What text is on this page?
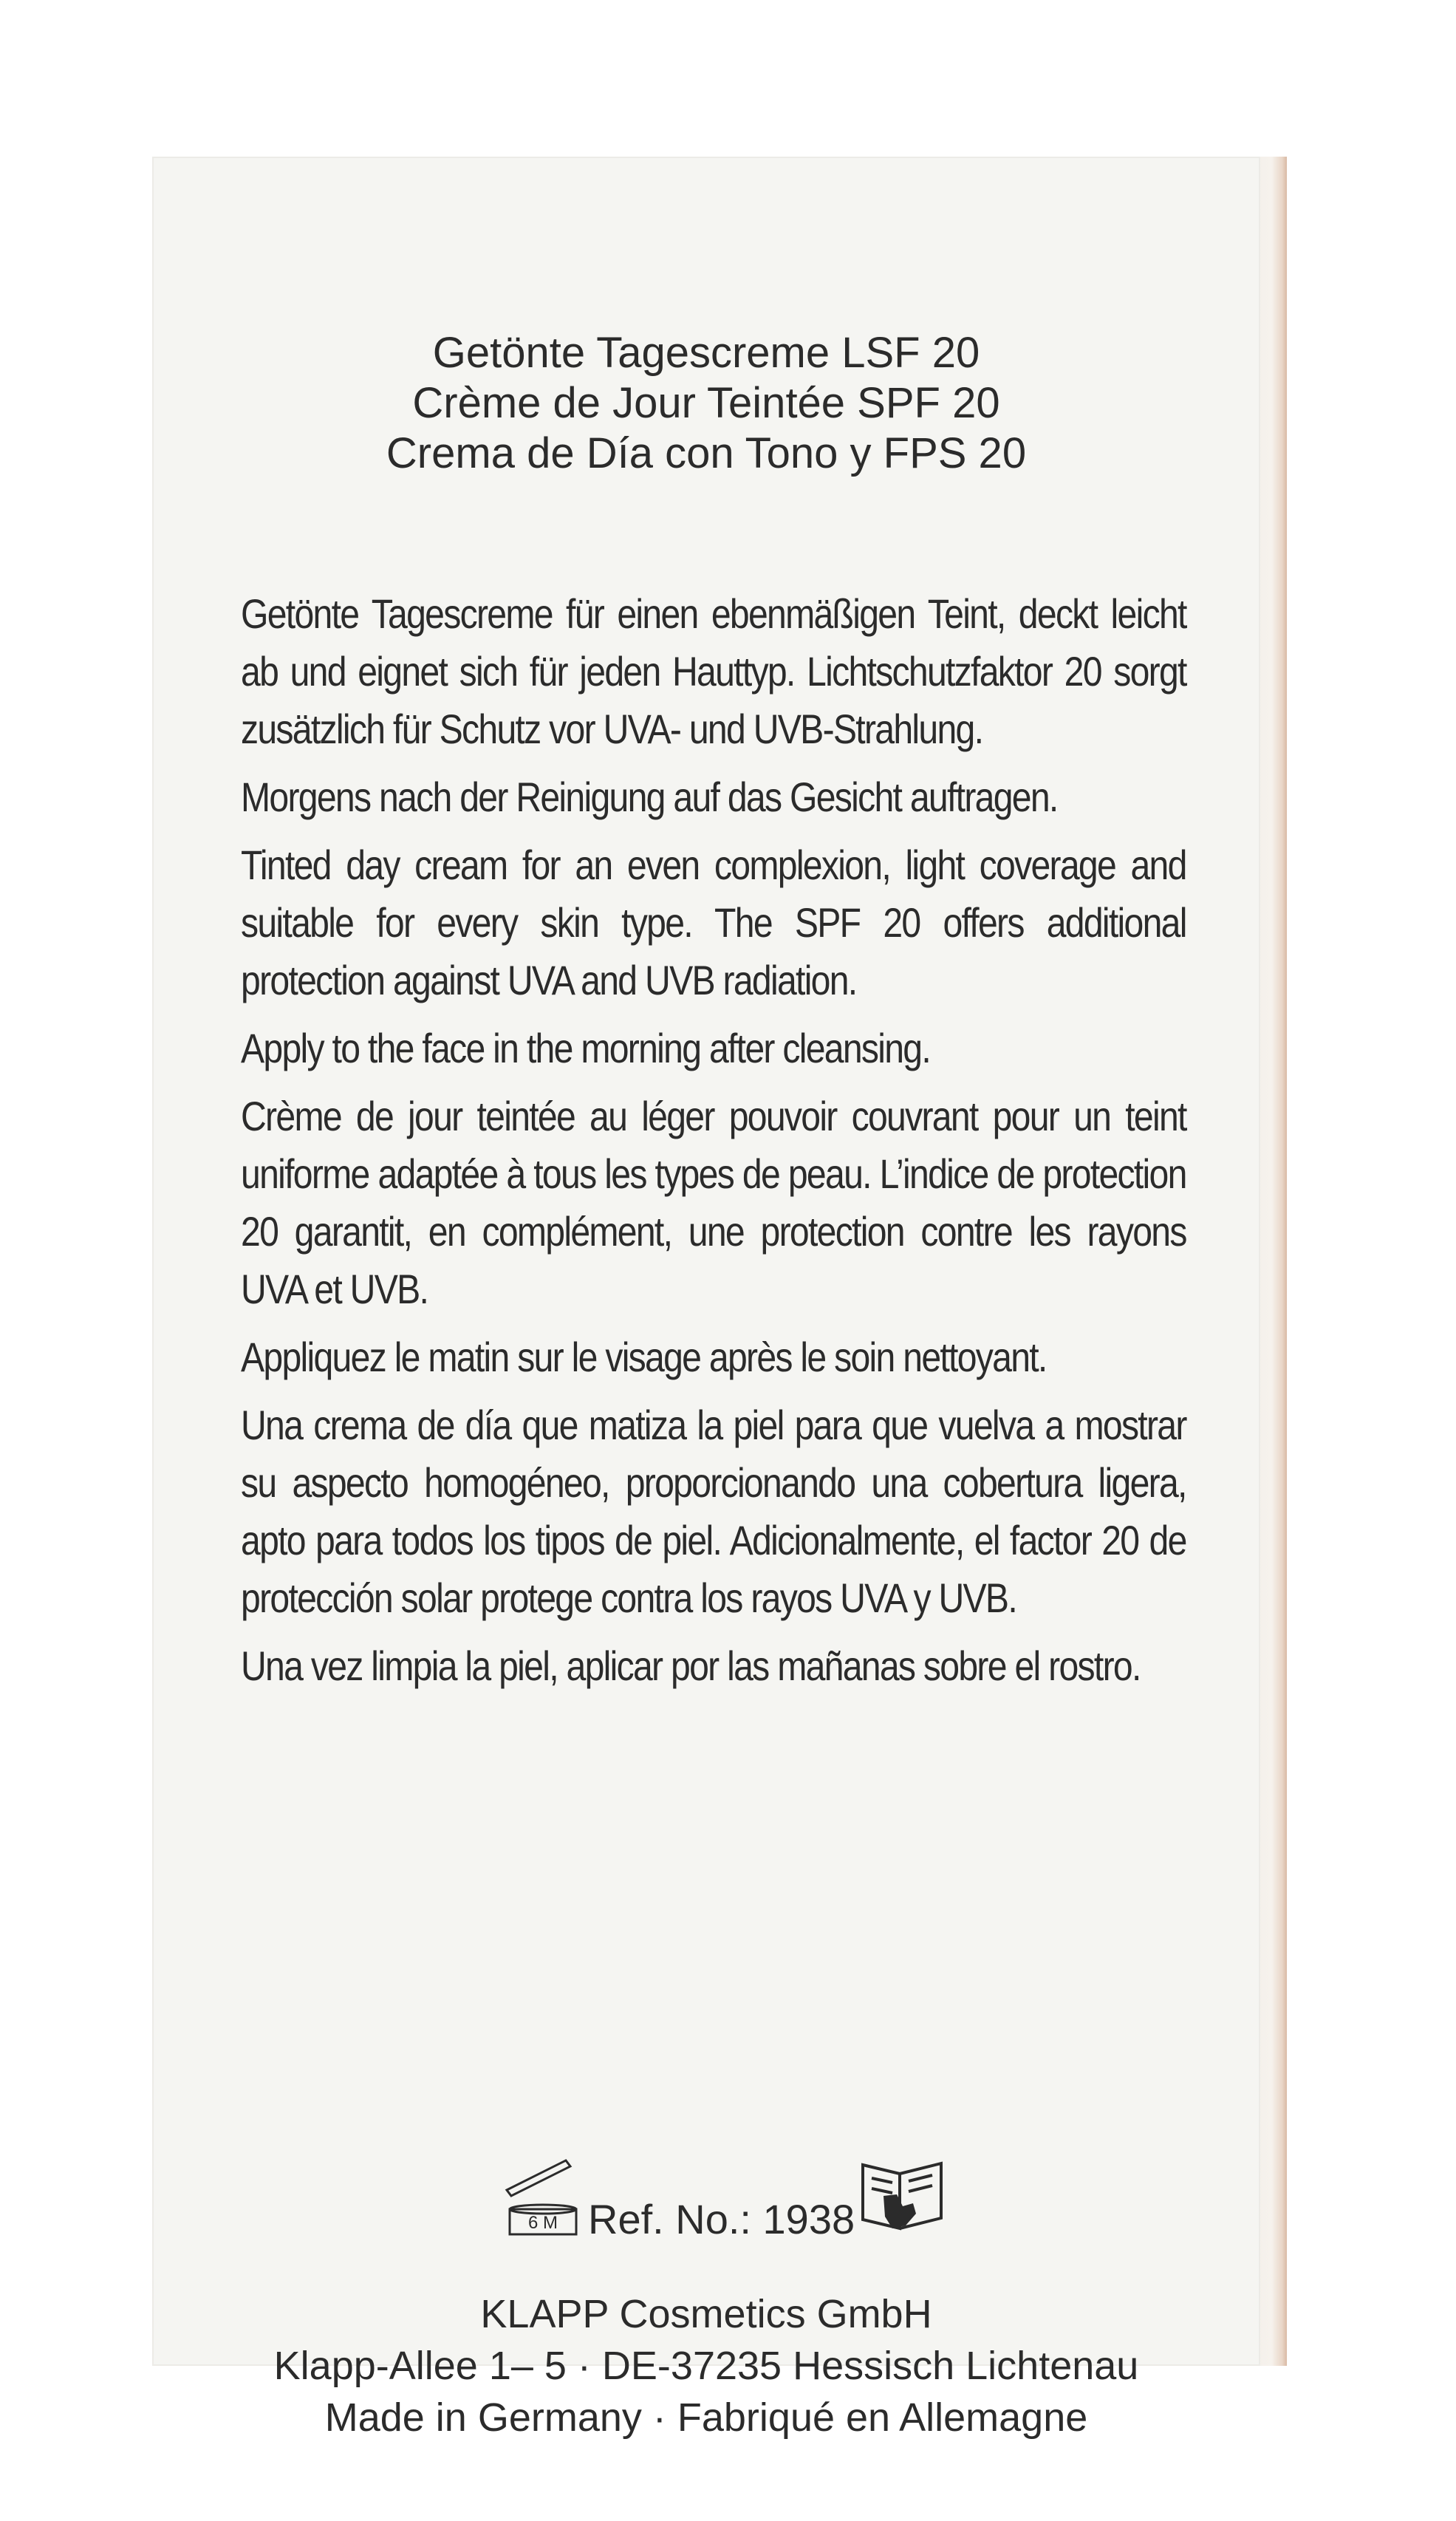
Getönte Tagescreme LSF 20
Crème de Jour Teintée SPF 20
Crema de Día con Tono y FPS 20

Getönte Tagescreme für einen ebenmäßigen Teint, deckt leicht ab und eignet sich für jeden Hauttyp. Lichtschutzfaktor 20 sorgt zusätzlich für Schutz vor UVA- und UVB-Strahlung.

Morgens nach der Reinigung auf das Gesicht auftragen.

Tinted day cream for an even complexion, light coverage and suitable for every skin type. The SPF 20 offers additional protection against UVA and UVB radiation.

Apply to the face in the morning after cleansing.

Crème de jour teintée au léger pouvoir couvrant pour un teint uniforme adaptée à tous les types de peau. L’indice de protection 20 garantit, en complément, une protection contre les rayons UVA et UVB.

Appliquez le matin sur le visage après le soin nettoyant.

Una crema de día que matiza la piel para que vuelva a mostrar su aspecto homogéneo, proporcionando una cobertura ligera, apto para todos los tipos de piel. Adicionalmente, el factor 20 de protección solar protege contra los rayos UVA y UVB.

Una vez limpia la piel, aplicar por las mañanas sobre el rostro.

6 M Ref. No.: 1938
KLAPP Cosmetics GmbH
Klapp-Allee 1– 5 · DE-37235 Hessisch Lichtenau
Made in Germany · Fabriqué en Allemagne
